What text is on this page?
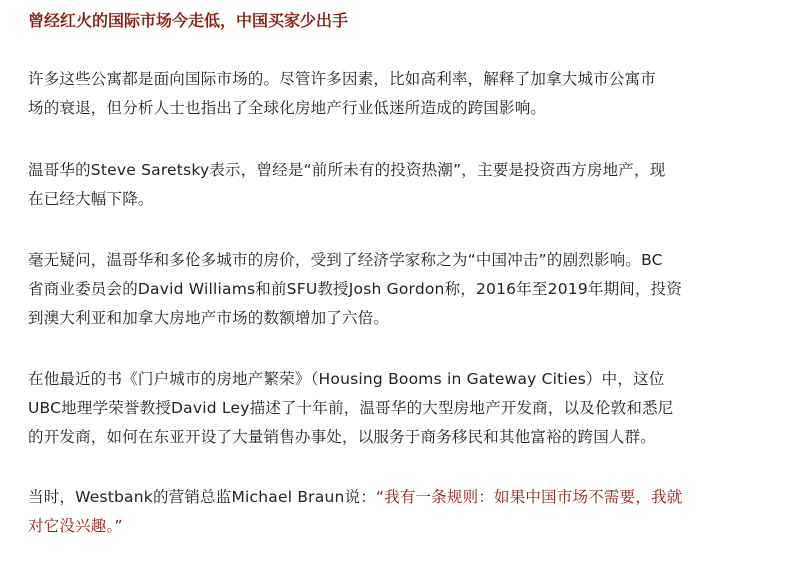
曾经红火的国际市场今走低，中国买家少出手

许多这些公寓都是面向国际市场的。尽管许多因素，比如高利率，解释了加拿大城市公寓市
场的衰退，但分析人士也指出了全球化房地产行业低迷所造成的跨国影响。

温哥华的Steve Saretsky表示，曾经是“前所未有的投资热潮”，主要是投资西方房地产，现
在已经大幅下降。

毫无疑问，温哥华和多伦多城市的房价，受到了经济学家称之为“中国冲击”的剧烈影响。BC
省商业委员会的David Williams和前SFU教授Josh Gordon称，2016年至2019年期间，投资
到澳大利亚和加拿大房地产市场的数额增加了六倍。

在他最近的书《门户城市的房地产繁荣》（Housing Booms in Gateway Cities）中，这位
UBC地理学荣誉教授David Ley描述了十年前，温哥华的大型房地产开发商，以及伦敦和悉尼
的开发商，如何在东亚开设了大量销售办事处，以服务于商务移民和其他富裕的跨国人群。

当时，Westbank的营销总监Michael Braun说：“我有一条规则：如果中国市场不需要，我就
对它没兴趣。”
